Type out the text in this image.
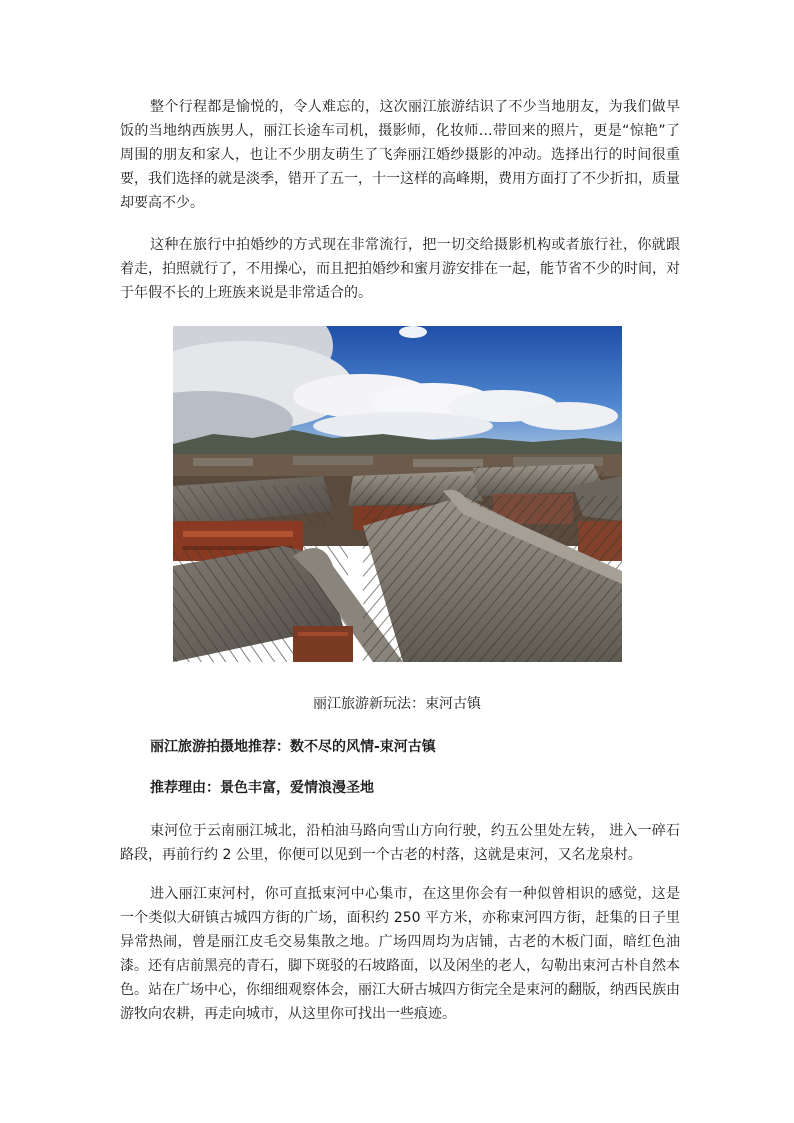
整个行程都是愉悦的，令人难忘的，这次丽江旅游结识了不少当地朋友，为我们做早饭的当地纳西族男人，丽江长途车司机，摄影师，化妆师…带回来的照片，更是“惊艳”了周围的朋友和家人，也让不少朋友萌生了飞奔丽江婚纱摄影的冲动。选择出行的时间很重要，我们选择的就是淡季，错开了五一，十一这样的高峰期，费用方面打了不少折扣，质量却要高不少。

这种在旅行中拍婚纱的方式现在非常流行，把一切交给摄影机构或者旅行社，你就跟着走，拍照就行了，不用操心，而且把拍婚纱和蜜月游安排在一起，能节省不少的时间，对于年假不长的上班族来说是非常适合的。

丽江旅游新玩法：束河古镇

丽江旅游拍摄地推荐：数不尽的风情-束河古镇

推荐理由：景色丰富，爱情浪漫圣地

束河位于云南丽江城北，沿柏油马路向雪山方向行驶，约五公里处左转， 进入一碎石路段，再前行约 2 公里，你便可以见到一个古老的村落，这就是束河，又名龙泉村。

进入丽江束河村，你可直抵束河中心集市，在这里你会有一种似曾相识的感觉，这是一个类似大研镇古城四方街的广场，面积约 250 平方米，亦称束河四方街，赶集的日子里异常热闹，曾是丽江皮毛交易集散之地。广场四周均为店铺，古老的木板门面，暗红色油漆。还有店前黑亮的青石，脚下斑驳的石坡路面，以及闲坐的老人，勾勒出束河古朴自然本色。站在广场中心，你细细观察体会，丽江大研古城四方街完全是束河的翻版，纳西民族由游牧向农耕，再走向城市，从这里你可找出一些痕迹。
